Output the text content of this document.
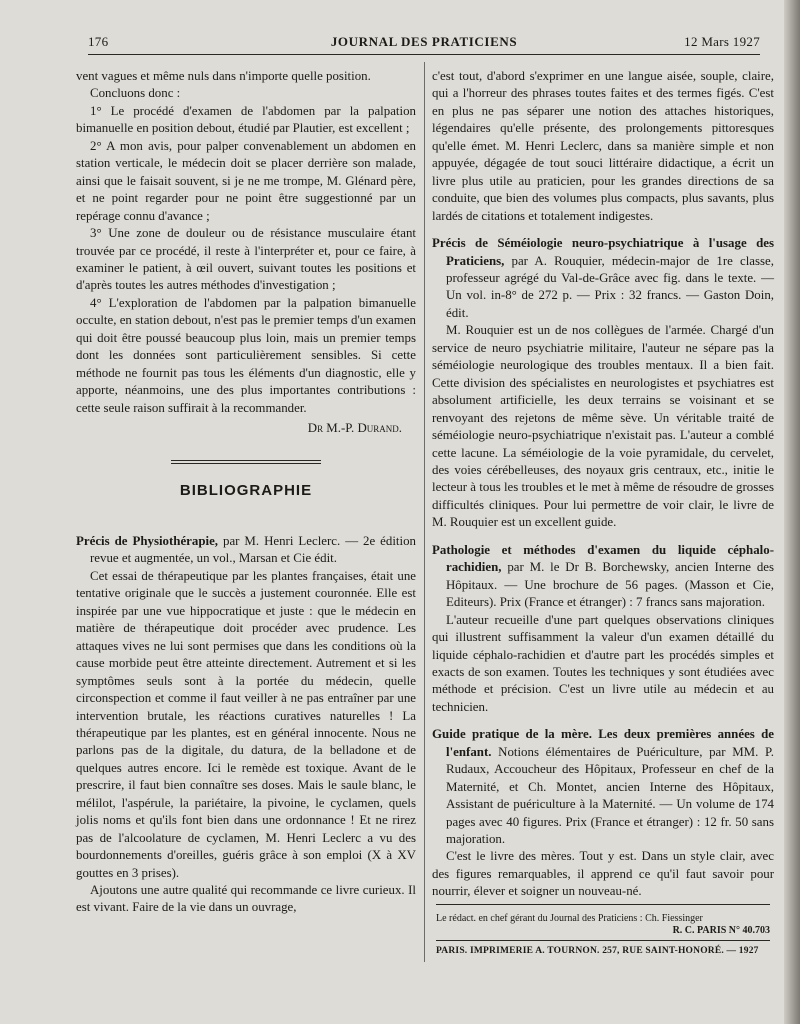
176	JOURNAL DES PRATICIENS	12 Mars 1927

vent vagues et même nuls dans n'importe quelle position.

Concluons donc :

1° Le procédé d'examen de l'abdomen par la palpation bimanuelle en position debout, étudié par Plautier, est excellent ;

2° A mon avis, pour palper convenablement un abdomen en station verticale, le médecin doit se placer derrière son malade, ainsi que le faisait souvent, si je ne me trompe, M. Glénard père, et ne point regarder pour ne point être suggestionné par un repérage connu d'avance ;

3° Une zone de douleur ou de résistance musculaire étant trouvée par ce procédé, il reste à l'interpréter et, pour ce faire, à examiner le patient, à œil ouvert, suivant toutes les positions et d'après toutes les autres méthodes d'investigation ;

4° L'exploration de l'abdomen par la palpation bimanuelle occulte, en station debout, n'est pas le premier temps d'un examen qui doit être poussé beaucoup plus loin, mais un premier temps dont les données sont particulièrement sensibles. Si cette méthode ne fournit pas tous les éléments d'un diagnostic, elle y apporte, néanmoins, une des plus importantes contributions : cette seule raison suffirait à la recommander.

Dr M.-P. Durand.
BIBLIOGRAPHIE

Précis de Physiothérapie, par M. Henri Leclerc. — 2e édition revue et augmentée, un vol., Marsan et Cie édit.

Cet essai de thérapeutique par les plantes françaises, était une tentative originale que le succès a justement couronnée. Elle est inspirée par une vue hippocratique et juste : que le médecin en matière de thérapeutique doit procéder avec prudence. Les attaques vives ne lui sont permises que dans les conditions où la cause morbide peut être atteinte directement. Autrement et si les symptômes seuls sont à la portée du médecin, quelle circonspection et comme il faut veiller à ne pas entraîner par une intervention brutale, les réactions curatives naturelles ! La thérapeutique par les plantes, est en général innocente. Nous ne parlons pas de la digitale, du datura, de la belladone et de quelques autres encore. Ici le remède est toxique. Avant de le prescrire, il faut bien connaître ses doses. Mais le saule blanc, le mélilot, l'aspérule, la pariétaire, la pivoine, le cyclamen, quels jolis noms et qu'ils font bien dans une ordonnance ! Et ne rirez pas de l'alcoolature de cyclamen, M. Henri Leclerc a vu des bourdonnements d'oreilles, guéris grâce à son emploi (X à XV gouttes en 3 prises).

Ajoutons une autre qualité qui recommande ce livre curieux. Il est vivant. Faire de la vie dans un ouvrage,

c'est tout, d'abord s'exprimer en une langue aisée, souple, claire, qui a l'horreur des phrases toutes faites et des termes figés. C'est en plus ne pas séparer une notion des attaches historiques, légendaires qu'elle présente, des prolongements pittoresques qu'elle émet. M. Henri Leclerc, dans sa manière simple et non appuyée, dégagée de tout souci littéraire didactique, a écrit un livre plus utile au praticien, pour les grandes directions de sa conduite, que bien des volumes plus compacts, plus savants, plus lardés de citations et totalement indigestes.

Précis de Séméiologie neuro-psychiatrique à l'usage des Praticiens, par A. Rouquier, médecin-major de 1re classe, professeur agrégé du Val-de-Grâce avec fig. dans le texte. — Un vol. in-8° de 272 p. — Prix : 32 francs. — Gaston Doin, édit.

M. Rouquier est un de nos collègues de l'armée. Chargé d'un service de neuro psychiatrie militaire, l'auteur ne sépare pas la séméiologie neurologique des troubles mentaux. Il a bien fait. Cette division des spécialistes en neurologistes et psychiatres est absolument artificielle, les deux terrains se voisinant et se renvoyant des rejetons de même sève. Un véritable traité de séméiologie neuro-psychiatrique n'existait pas. L'auteur a comblé cette lacune. La séméiologie de la voie pyramidale, du cervelet, des voies cérébelleuses, des noyaux gris centraux, etc., initie le lecteur à tous les troubles et le met à même de résoudre de grosses difficultés cliniques. Pour lui permettre de voir clair, le livre de M. Rouquier est un excellent guide.

Pathologie et méthodes d'examen du liquide céphalo-rachidien, par M. le Dr B. Borchewsky, ancien Interne des Hôpitaux. — Une brochure de 56 pages. (Masson et Cie, Editeurs). Prix (France et étranger) : 7 francs sans majoration.

L'auteur recueille d'une part quelques observations cliniques qui illustrent suffisamment la valeur d'un examen détaillé du liquide céphalo-rachidien et d'autre part les procédés simples et exacts de son examen. Toutes les techniques y sont étudiées avec méthode et précision. C'est un livre utile au médecin et au technicien.

Guide pratique de la mère. Les deux premières années de l'enfant. Notions élémentaires de Puériculture, par MM. P. Rudaux, Accoucheur des Hôpitaux, Professeur en chef de la Maternité, et Ch. Montet, ancien Interne des Hôpitaux, Assistant de puériculture à la Maternité. — Un volume de 174 pages avec 40 figures. Prix (France et étranger) : 12 fr. 50 sans majoration.

C'est le livre des mères. Tout y est. Dans un style clair, avec des figures remarquables, il apprend ce qu'il faut savoir pour nourrir, élever et soigner un nouveau-né.

Le rédact. en chef gérant du Journal des Praticiens : Ch. Fiessinger
R. C. PARIS N° 40.703
PARIS. IMPRIMERIE A. TOURNON. 257, RUE SAINT-HONORÉ. — 1927
